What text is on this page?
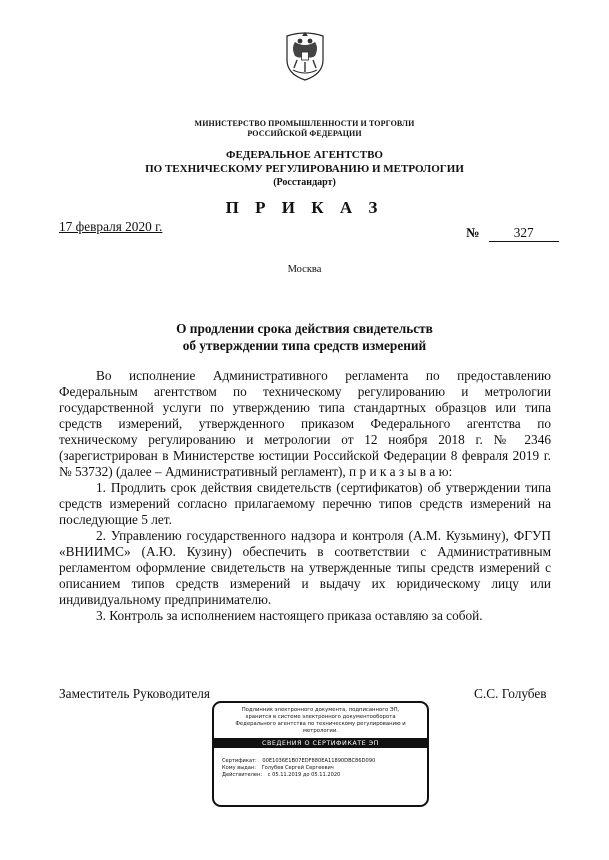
МИНИСТЕРСТВО ПРОМЫШЛЕННОСТИ И ТОРГОВЛИ
РОССИЙСКОЙ ФЕДЕРАЦИИ
ФЕДЕРАЛЬНОЕ АГЕНТСТВО
ПО ТЕХНИЧЕСКОМУ РЕГУЛИРОВАНИЮ И МЕТРОЛОГИИ
(Росстандарт)
П Р И К А З
17 февраля 2020 г.	№	327
Москва
О продлении срока действия свидетельств
об утверждении типа средств измерений

Во исполнение Административного регламента по предоставлению Федеральным агентством по техническому регулированию и метрологии государственной услуги по утверждению типа стандартных образцов или типа средств измерений, утвержденного приказом Федерального агентства по техническому регулированию и метрологии от 12 ноября 2018 г. № 2346 (зарегистрирован в Министерстве юстиции Российской Федерации 8 февраля 2019 г. № 53732) (далее – Административный регламент), п р и к а з ы в а ю:

1. Продлить срок действия свидетельств (сертификатов) об утверждении типа средств измерений согласно прилагаемому перечню типов средств измерений на последующие 5 лет.

2. Управлению государственного надзора и контроля (А.М. Кузьмину), ФГУП «ВНИИМС» (А.Ю. Кузину) обеспечить в соответствии с Административным регламентом оформление свидетельств на утвержденные типы средств измерений с описанием типов средств измерений и выдачу их юридическому лицу или индивидуальному предпринимателю.

3. Контроль за исполнением настоящего приказа оставляю за собой.

Заместитель Руководителя	С.С. Голубев
Подлинник электронного документа, подписанного ЭП,
хранится в системе электронного документооборота
Федерального агентства по техническому регулированию и
метрологии.
СВЕДЕНИЯ О СЕРТИФИКАТЕ ЭП
Сертификат: 00E1036E1B07EDF880EA11890DBC86D090
Кому выдан: Голубев Сергей Сергеевич
Действителен: с 05.11.2019 до 05.11.2020
